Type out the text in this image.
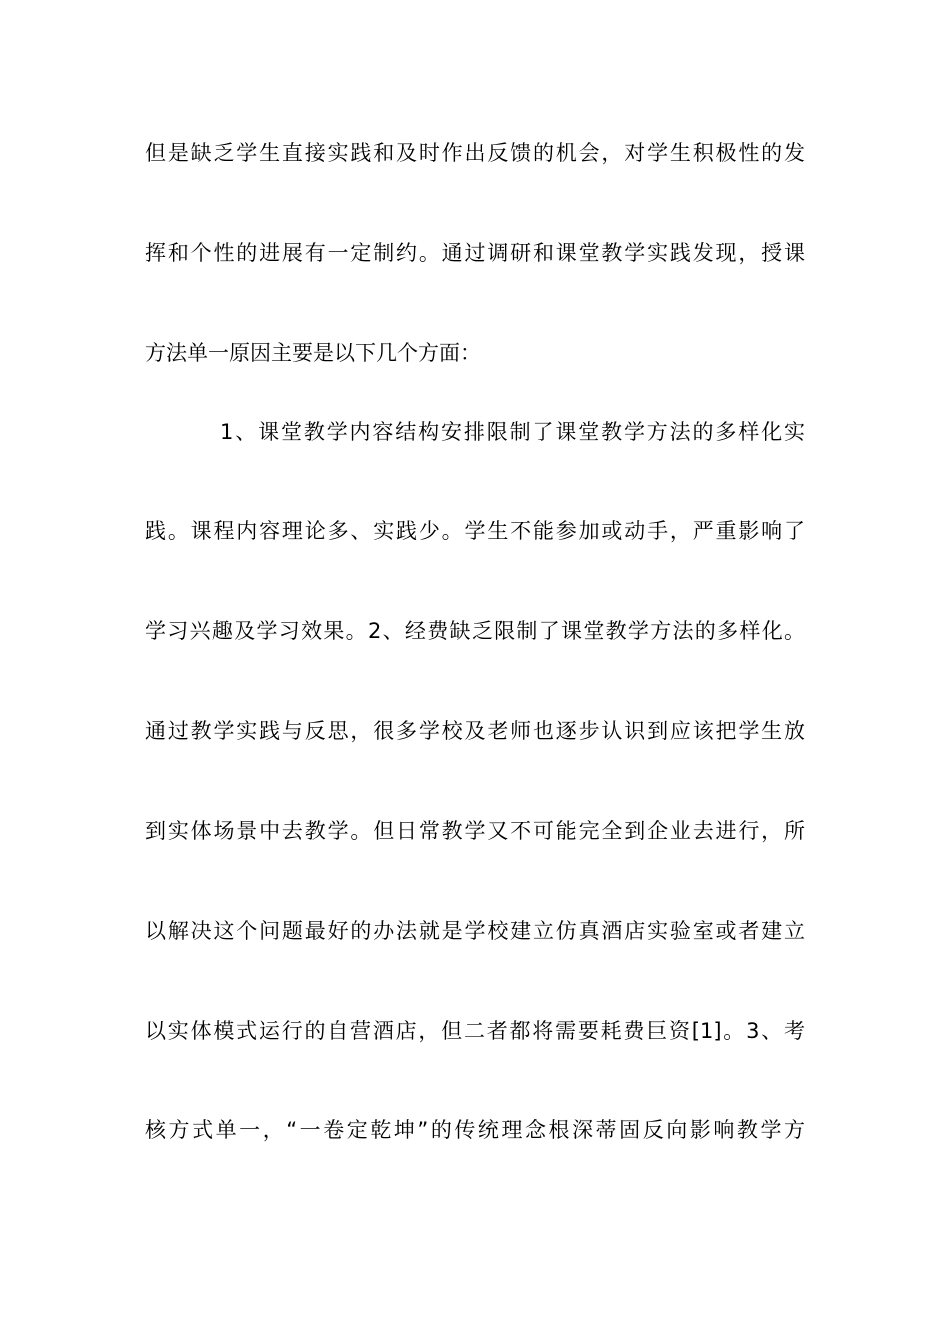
但是缺乏学生直接实践和及时作出反馈的机会，对学生积极性的发
挥和个性的进展有一定制约。通过调研和课堂教学实践发现，授课
方法单一原因主要是以下几个方面：
1、课堂教学内容结构安排限制了课堂教学方法的多样化实
践。课程内容理论多、实践少。学生不能参加或动手，严重影响了
学习兴趣及学习效果。2、经费缺乏限制了课堂教学方法的多样化。
通过教学实践与反思，很多学校及老师也逐步认识到应该把学生放
到实体场景中去教学。但日常教学又不可能完全到企业去进行，所
以解决这个问题最好的办法就是学校建立仿真酒店实验室或者建立
以实体模式运行的自营酒店，但二者都将需要耗费巨资[1]。3、考
核方式单一，“一卷定乾坤”的传统理念根深蒂固反向影响教学方
